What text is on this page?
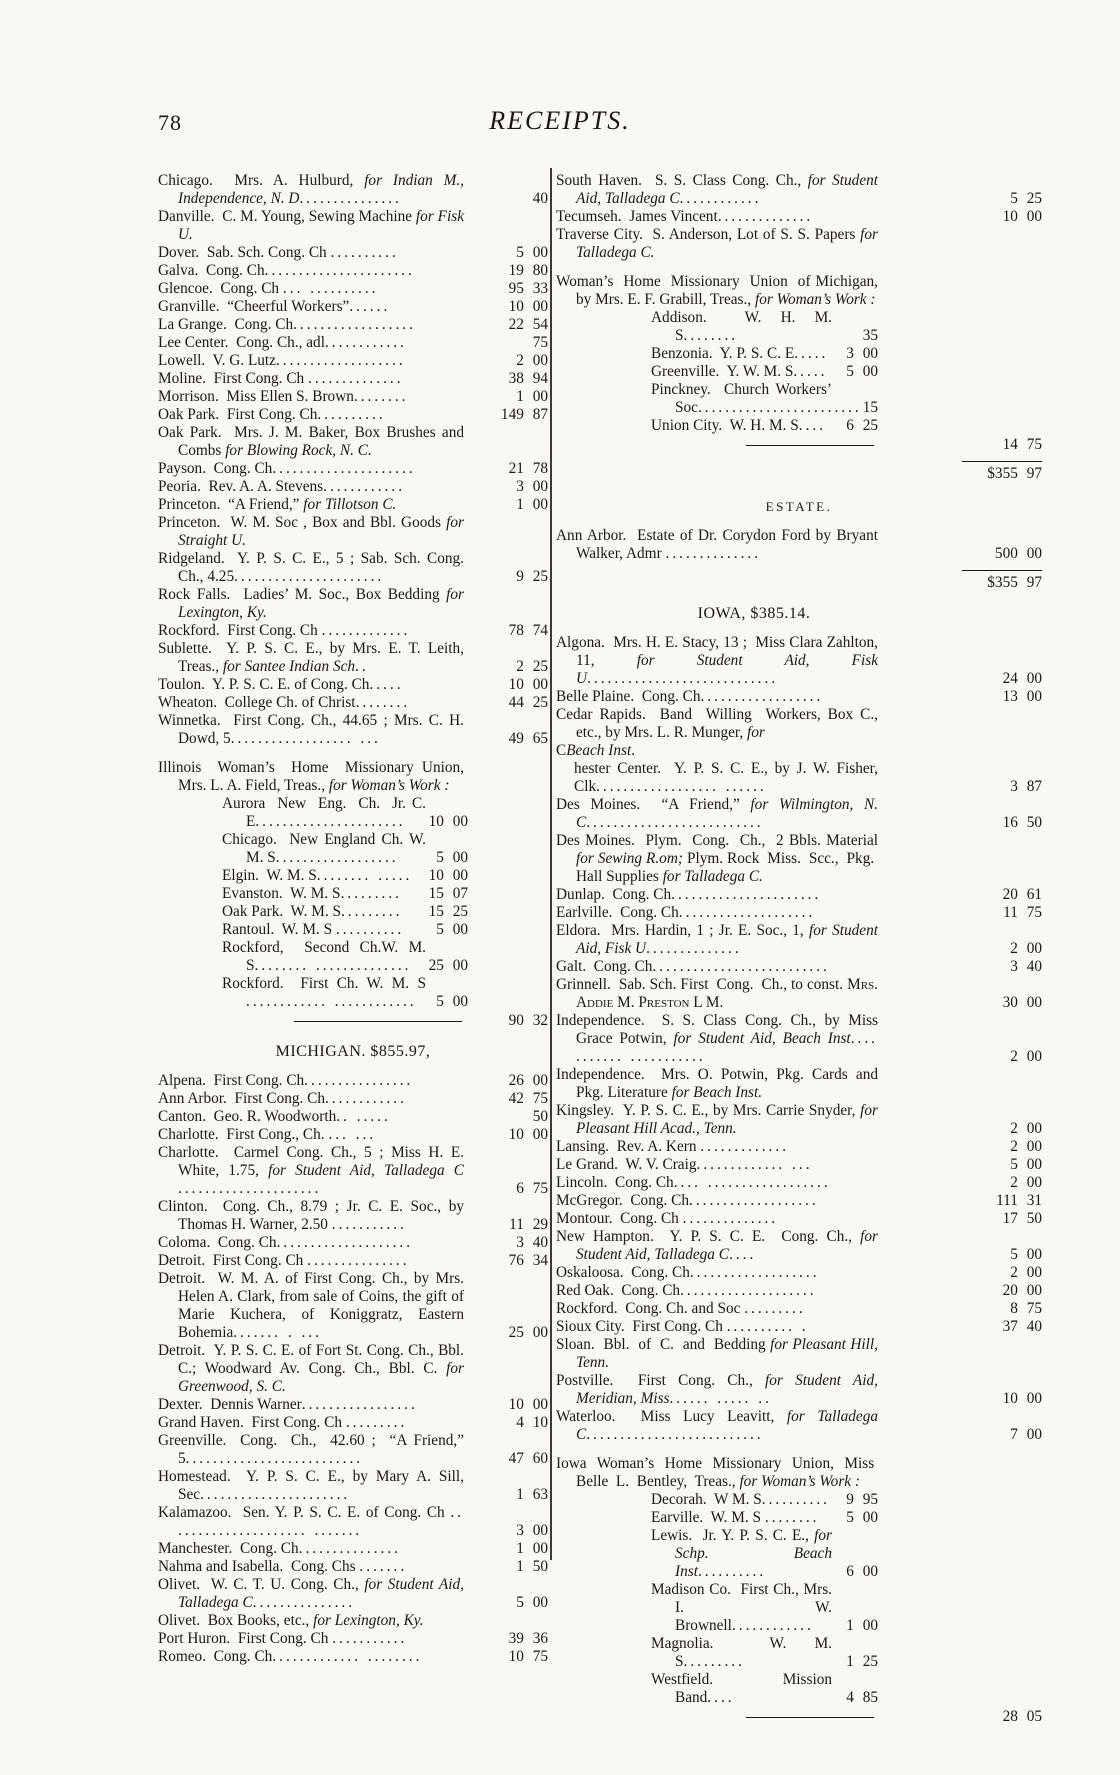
78	RECEIPTS.
Chicago.  Mrs. A. Hulburd, for Indian M., Independence, N. D...............	40
Danville.  C. M. Young, Sewing Machine for Fisk U.
Dover.  Sab. Sch. Cong. Ch ..........	5 00
Galva.  Cong. Ch......................	19 80
Glencoe.  Cong. Ch ... ..........	95 33
Granville.  “Cheerful Workers”......	10 00
La Grange.  Cong. Ch..................	22 54
Lee Center.  Cong. Ch., adl............	75
Lowell.  V. G. Lutz...................	2 00
Moline.  First Cong. Ch ..............	38 94
Morrison.  Miss Ellen S. Brown........	1 00
Oak Park.  First Cong. Ch..........	149 87
Oak Park.  Mrs. J. M. Baker, Box Brushes and Combs for Blowing Rock, N. C.
Payson.  Cong. Ch.....................	21 78
Peoria.  Rev. A. A. Stevens............	3 00
Princeton.  “A Friend,” for Tillotson C.	1 00
Princeton.  W. M. Soc , Box and Bbl. Goods for Straight U.
Ridgeland.  Y. P. S. C. E., 5 ; Sab. Sch. Cong. Ch., 4.25......................	9 25
Rock Falls.  Ladies’ M. Soc., Box Bedding for Lexington, Ky.
Rockford.  First Cong. Ch .............	78 74
Sublette.  Y. P. S. C. E., by Mrs. E. T. Leith, Treas., for Santee Indian Sch..	2 25
Toulon.  Y. P. S. C. E. of Cong. Ch.....	10 00
Wheaton.  College Ch. of Christ........	44 25
Winnetka.  First Cong. Ch., 44.65 ; Mrs. C. H. Dowd, 5.................. ...	49 65
Illinois  Woman’s  Home  Missionary Union, Mrs. L. A. Field, Treas., for Woman’s Work :
Aurora  New  Eng.  Ch.  Jr. C. E...................... 10 00
Chicago.  New England Ch. W. M. S.................. 5 00
Elgin.  W. M. S........ ..... 10 00
Evanston.  W. M. S......... 15 07
Oak Park.  W. M. S......... 15 25
Rantoul.  W. M. S .......... 5 00
Rockford,  Second Ch.W. M. S........ .............. 25 00
Rockford.  First Ch. W. M. S ............ ............ 5 00
90 32
MICHIGAN. $855.97,
Alpena.  First Cong. Ch................	26 00
Ann Arbor.  First Cong. Ch............	42 75
Canton.  Geo. R. Woodworth.. .....	50
Charlotte.  First Cong., Ch. ... ...	10 00
Charlotte.  Carmel Cong. Ch., 5 ; Miss H. E. White, 1.75, for Student Aid, Talladega C .....................	6 75
Clinton.  Cong. Ch., 8.79 ; Jr. C. E. Soc., by Thomas H. Warner, 2.50 ...........	11 29
Coloma.  Cong. Ch....................	3 40
Detroit.  First Cong. Ch ...............	76 34
Detroit.  W. M. A. of First Cong. Ch., by Mrs. Helen A. Clark, from sale of Coins, the gift of Marie Kuchera, of Koniggratz, Eastern Bohemia....... . ...	25 00
Detroit.  Y. P. S. C. E. of Fort St. Cong. Ch., Bbl. C.; Woodward Av. Cong. Ch., Bbl. C. for Greenwood, S. C.
Dexter.  Dennis Warner.................	10 00
Grand Haven.  First Cong. Ch .........	4 10
Greenville.  Cong.  Ch.,  42.60 ;  “A Friend,” 5..........................	47 60
Homestead.  Y. P. S. C. E., by Mary A. Sill, Sec......................	1 63
Kalamazoo.  Sen. Y. P. S. C. E. of Cong. Ch .. ................... .......	3 00
Manchester.  Cong. Ch...............	1 00
Nahma and Isabella.  Cong. Chs .......	1 50
Olivet.  W. C. T. U. Cong. Ch., for Student Aid, Talladega C...............	5 00
Olivet.  Box Books, etc., for Lexington, Ky.
Port Huron.  First Cong. Ch ...........	39 36
Romeo.  Cong. Ch............. ........	10 75
South Haven.  S. S. Class Cong. Ch., for Student Aid, Talladega C............	5 25
Tecumseh.  James Vincent..............	10 00
Traverse City.  S. Anderson, Lot of S. S. Papers for Talladega C.
Woman’s  Home  Missionary  Union  of Michigan, by Mrs. E. F. Grabill, Treas., for Woman’s Work :
Addison.  W. H. M. S........	35
Benzonia.  Y. P. S. C. E..... 3 00
Greenville.  Y. W. M. S..... 5 00
Pinckney.  Church Workers’ Soc........................ 15
Union City.  W. H. M. S.... 6 25
14 75
$355 97
ESTATE.
Ann Arbor.  Estate of Dr. Corydon Ford by Bryant Walker, Admr ..............	500 00
$355 97
IOWA, $385.14.
Algona.  Mrs. H. E. Stacy, 13 ;  Miss Clara Zahlton, 11, for Student Aid, Fisk U............................	24 00
Belle Plaine.  Cong. Ch..................	13 00
Cedar Rapids.  Band  Willing  Workers, Box C., etc., by Mrs. L. R. Munger, for
CBeach Inst.
hester Center.  Y. P. S. C. E., by J. W. Fisher, Clk.................. ......	3 87
Des Moines.  “A Friend,” for Wilmington, N. C..........................	16 50
Des Moines.  Plym.  Cong.  Ch.,  2 Bbls. Material for Sewing R.om; Plym. Rock  Miss.  Scc.,  Pkg.  Hall Supplies for Talladega C.
Dunlap.  Cong. Ch......................	20 61
Earlville.  Cong. Ch....................	11 75
Eldora.  Mrs. Hardin, 1 ; Jr. E. Soc., 1, for Student Aid, Fisk U..............	2 00
Galt.  Cong. Ch..........................	3 40
Grinnell.  Sab. Sch. First  Cong.  Ch., to const. Mrs. Addie M. Preston L M.	30 00
Independence.  S. S. Class Cong. Ch., by Miss Grace Potwin, for Student Aid, Beach Inst.... ....... ...........	2 00
Independence.  Mrs. O. Potwin, Pkg. Cards and Pkg. Literature for Beach Inst.
Kingsley.  Y. P. S. C. E., by Mrs. Carrie Snyder, for Pleasant Hill Acad., Tenn.	2 00
Lansing.  Rev. A. Kern .............	2 00
Le Grand.  W. V. Craig............. ...	5 00
Lincoln.  Cong. Ch.... ..................	2 00
McGregor.  Cong. Ch...................	111 31
Montour.  Cong. Ch ..............	17 50
New Hampton.  Y. P. S. C. E.  Cong. Ch., for Student Aid, Talladega C....	5 00
Oskaloosa.  Cong. Ch...................	2 00
Red Oak.  Cong. Ch....................	20 00
Rockford.  Cong. Ch. and Soc .........	8 75
Sioux City.  First Cong. Ch .......... .	37 40
Sloan.  Bbl.  of  C.  and  Bedding for Pleasant Hill, Tenn.
Postville.  First Cong. Ch., for Student Aid, Meridian, Miss...... ..... ..	10 00
Waterloo.  Miss Lucy Leavitt, for Talladega C..........................	7 00
Iowa Woman’s Home Missionary Union, Miss  Belle  L.  Bentley,  Treas., for Woman’s Work :
Decorah.  W M. S.......... 9 95
Earville.  W. M. S ........ 5 00
Lewis.  Jr. Y. P. S. C. E., for Schp. Beach Inst..........	6 00
Madison Co.  First Ch., Mrs. I. W. Brownell............ 1 00
Magnolia.  W. M. S.........	1 25
Westfield.  Mission Band....	4 85
28 05
